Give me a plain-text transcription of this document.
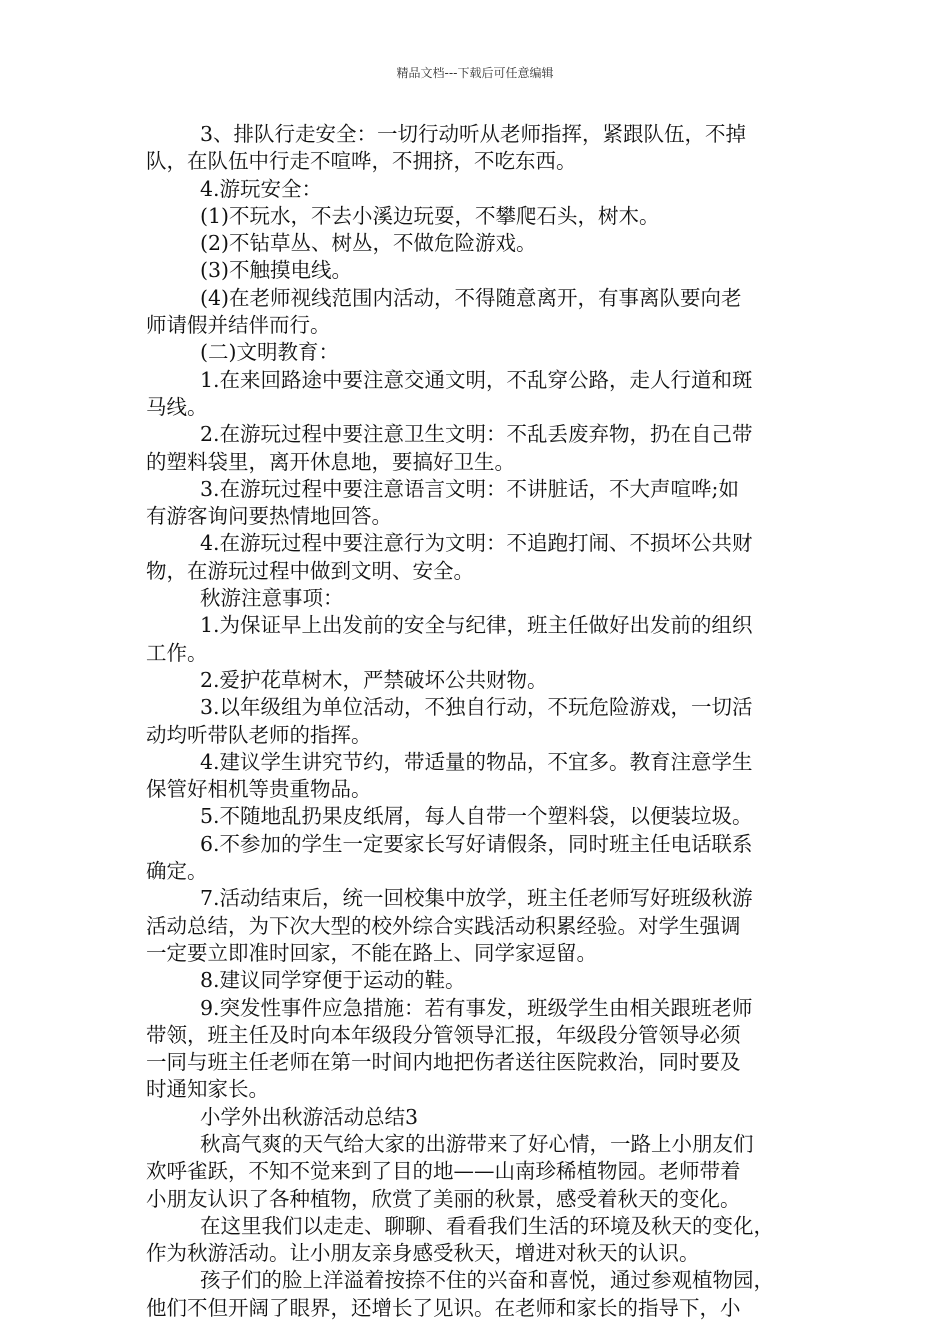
精品文档---下载后可任意编辑
3、排队行走安全：一切行动听从老师指挥，紧跟队伍，不掉
队，在队伍中行走不喧哗，不拥挤，不吃东西。
4.游玩安全：
(1)不玩水，不去小溪边玩耍，不攀爬石头，树木。
(2)不钻草丛、树丛，不做危险游戏。
(3)不触摸电线。
(4)在老师视线范围内活动，不得随意离开，有事离队要向老
师请假并结伴而行。
(二)文明教育：
1.在来回路途中要注意交通文明，不乱穿公路，走人行道和斑
马线。
2.在游玩过程中要注意卫生文明：不乱丢废弃物，扔在自己带
的塑料袋里，离开休息地，要搞好卫生。
3.在游玩过程中要注意语言文明：不讲脏话，不大声喧哗;如
有游客询问要热情地回答。
4.在游玩过程中要注意行为文明：不追跑打闹、不损坏公共财
物，在游玩过程中做到文明、安全。
秋游注意事项：
1.为保证早上出发前的安全与纪律，班主任做好出发前的组织
工作。
2.爱护花草树木，严禁破坏公共财物。
3.以年级组为单位活动，不独自行动，不玩危险游戏，一切活
动均听带队老师的指挥。
4.建议学生讲究节约，带适量的物品，不宜多。教育注意学生
保管好相机等贵重物品。
5.不随地乱扔果皮纸屑，每人自带一个塑料袋，以便装垃圾。
6.不参加的学生一定要家长写好请假条，同时班主任电话联系
确定。
7.活动结束后，统一回校集中放学，班主任老师写好班级秋游
活动总结，为下次大型的校外综合实践活动积累经验。对学生强调
一定要立即准时回家，不能在路上、同学家逗留。
8.建议同学穿便于运动的鞋。
9.突发性事件应急措施：若有事发，班级学生由相关跟班老师
带领，班主任及时向本年级段分管领导汇报，年级段分管领导必须
一同与班主任老师在第一时间内地把伤者送往医院救治，同时要及
时通知家长。
小学外出秋游活动总结3
秋高气爽的天气给大家的出游带来了好心情，一路上小朋友们
欢呼雀跃，不知不觉来到了目的地——山南珍稀植物园。老师带着
小朋友认识了各种植物，欣赏了美丽的秋景，感受着秋天的变化。
在这里我们以走走、聊聊、看看我们生活的环境及秋天的变化，
作为秋游活动。让小朋友亲身感受秋天，增进对秋天的认识。
孩子们的脸上洋溢着按捺不住的兴奋和喜悦，通过参观植物园，
他们不但开阔了眼界，还增长了见识。在老师和家长的指导下，小
